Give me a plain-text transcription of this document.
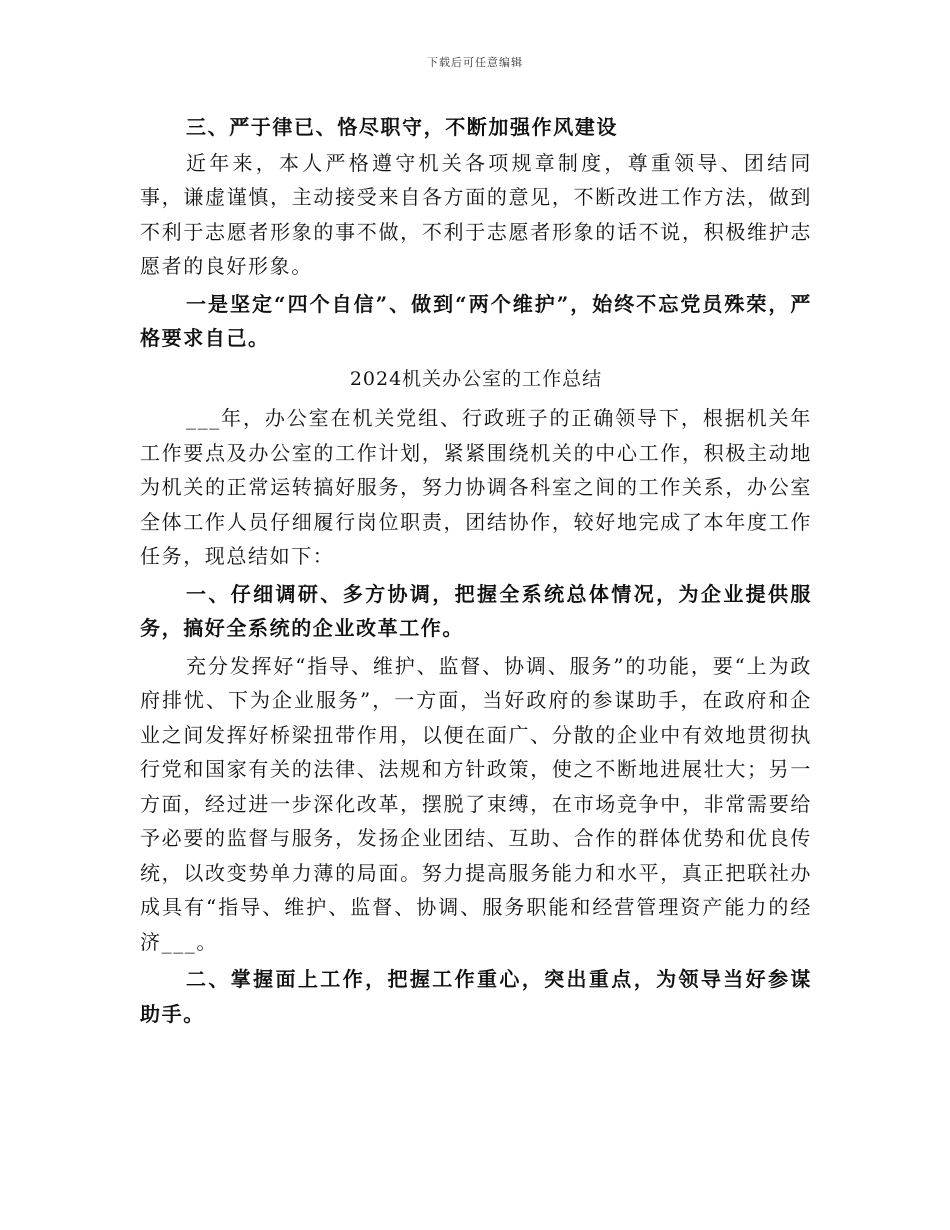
下载后可任意编辑

三、严于律已、恪尽职守，不断加强作风建设

近年来，本人严格遵守机关各项规章制度，尊重领导、团结同事，谦虚谨慎，主动接受来自各方面的意见，不断改进工作方法，做到不利于志愿者形象的事不做，不利于志愿者形象的话不说，积极维护志愿者的良好形象。

一是坚定“四个自信”、做到“两个维护”，始终不忘党员殊荣，严格要求自己。

2024机关办公室的工作总结

___年，办公室在机关党组、行政班子的正确领导下，根据机关年工作要点及办公室的工作计划，紧紧围绕机关的中心工作，积极主动地为机关的正常运转搞好服务，努力协调各科室之间的工作关系，办公室全体工作人员仔细履行岗位职责，团结协作，较好地完成了本年度工作任务，现总结如下：

一、仔细调研、多方协调，把握全系统总体情况，为企业提供服务，搞好全系统的企业改革工作。

充分发挥好“指导、维护、监督、协调、服务”的功能，要“上为政府排忧、下为企业服务”，一方面，当好政府的参谋助手，在政府和企业之间发挥好桥梁扭带作用，以便在面广、分散的企业中有效地贯彻执行党和国家有关的法律、法规和方针政策，使之不断地进展壮大；另一方面，经过进一步深化改革，摆脱了束缚，在市场竞争中，非常需要给予必要的监督与服务，发扬企业团结、互助、合作的群体优势和优良传统，以改变势单力薄的局面。努力提高服务能力和水平，真正把联社办成具有“指导、维护、监督、协调、服务职能和经营管理资产能力的经济___。

二、掌握面上工作，把握工作重心，突出重点，为领导当好参谋助手。
